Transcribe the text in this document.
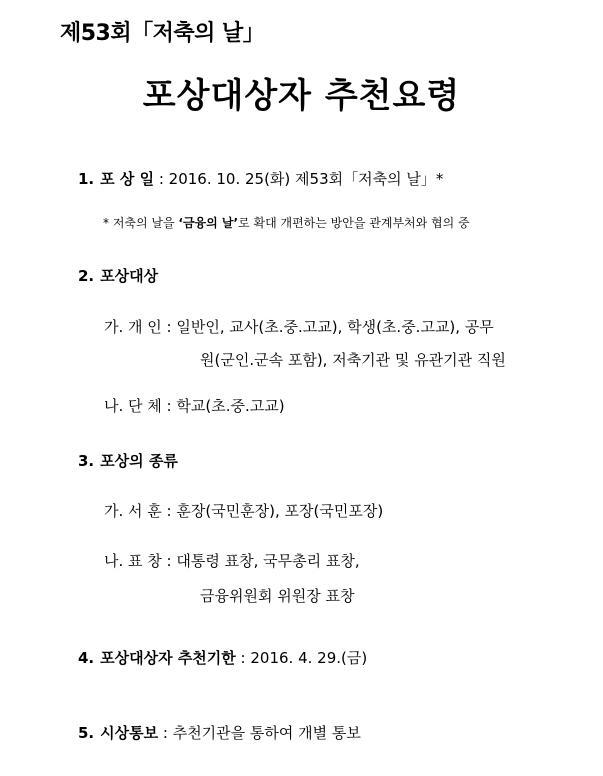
제53회「저축의 날」
포상대상자 추천요령
1. 포 상 일 : 2016. 10. 25(화) 제53회「저축의 날」*
* 저축의 날을 ‘금융의 날’로 확대 개편하는 방안을 관계부처와 협의 중
2. 포상대상
가. 개 인 : 일반인, 교사(초.중.고교), 학생(초.중.고교), 공무
원(군인.군속 포함), 저축기관 및 유관기관 직원
나. 단 체 : 학교(초.중.고교)
3. 포상의 종류
가. 서 훈 : 훈장(국민훈장), 포장(국민포장)
나. 표 창 : 대통령 표창, 국무총리 표창,
금융위원회 위원장 표창
4. 포상대상자 추천기한 : 2016. 4. 29.(금)
5. 시상통보 : 추천기관을 통하여 개별 통보
